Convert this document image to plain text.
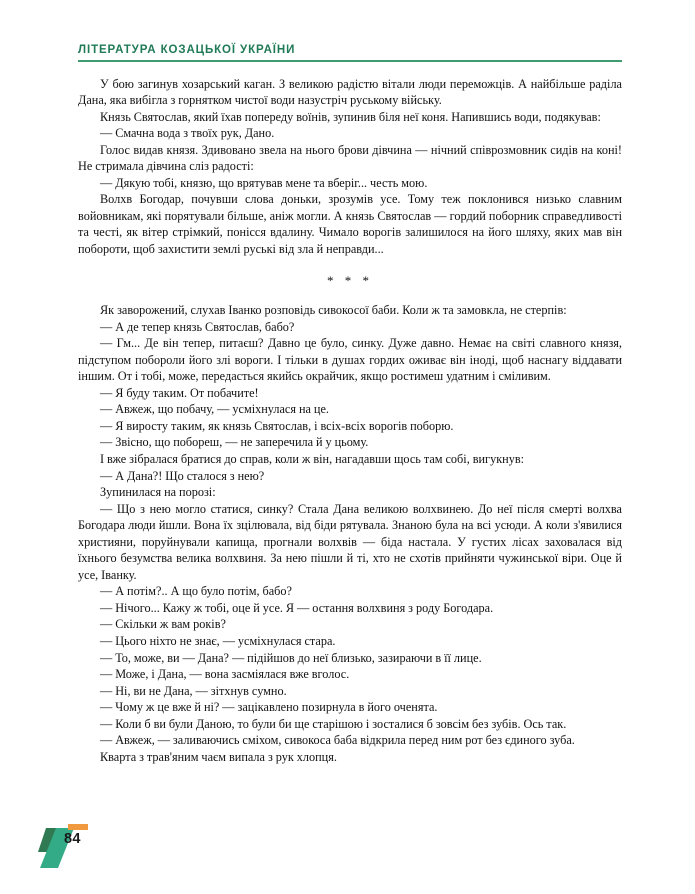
ЛІТЕРАТУРА КОЗАЦЬКОЇ УКРАЇНИ

У бою загинув хозарський каган. З великою радістю вітали люди переможців. А найбільше раділа Дана, яка вибігла з горнятком чистої води назустріч руському війську.

Князь Святослав, який їхав попереду воїнів, зупинив біля неї коня. Напившись води, подякував:

— Смачна вода з твоїх рук, Дано.

Голос видав князя. Здивовано звела на нього брови дівчина — нічний співрозмовник сидів на коні! Не стримала дівчина сліз радості:

— Дякую тобі, князю, що врятував мене та вберіг... честь мою.

Волхв Богодар, почувши слова доньки, зрозумів усе. Тому теж поклонився низько славним войовникам, які порятували більше, аніж могли. А князь Святослав — гордий поборник справедливості та честі, як вітер стрімкий, понісся вдалину. Чимало ворогів залишилося на його шляху, яких мав він побороти, щоб захистити землі руські від зла й неправди...

* * *

Як заворожений, слухав Іванко розповідь сивокосої баби. Коли ж та замовкла, не стерпів:

— А де тепер князь Святослав, бабо?

— Гм... Де він тепер, питаєш? Давно це було, синку. Дуже давно. Немає на світі славного князя, підступом побороли його злі вороги. І тільки в душах гордих оживає він іноді, щоб наснагу віддавати іншим. От і тобі, може, передасться якийсь окрайчик, якщо ростимеш удатним і сміливим.

— Я буду таким. От побачите!

— Авжеж, що побачу, — усміхнулася на це.

— Я виросту таким, як князь Святослав, і всіх-всіх ворогів поборю.

— Звісно, що побореш, — не заперечила й у цьому.

І вже зібралася братися до справ, коли ж він, нагадавши щось там собі, вигукнув:

— А Дана?! Що сталося з нею?

Зупинилася на порозі:

— Що з нею могло статися, синку? Стала Дана великою волхвинею. До неї після смерті волхва Богодара люди йшли. Вона їх зцілювала, від біди рятувала. Знаною була на всі усюди. А коли з'явилися християни, поруйнували капища, прогнали волхвів — біда настала. У густих лісах заховалася від їхнього безумства велика волхвиня. За нею пішли й ті, хто не схотів прийняти чужинської віри. Оце й усе, Іванку.

— А потім?.. А що було потім, бабо?

— Нічого... Кажу ж тобі, оце й усе. Я — остання волхвиня з роду Богодара.

— Скільки ж вам років?

— Цього ніхто не знає, — усміхнулася стара.

— То, може, ви — Дана? — підійшов до неї близько, зазираючи в її лице.

— Може, і Дана, — вона засміялася вже вголос.

— Ні, ви не Дана, — зітхнув сумно.

— Чому ж це вже й ні? — зацікавлено позирнула в його оченята.

— Коли б ви були Даною, то були би ще старішою і зосталися б зовсім без зубів. Ось так.

— Авжеж, — заливаючись сміхом, сивокоса баба відкрила перед ним рот без єдиного зуба.

Кварта з трав'яним чаєм випала з рук хлопця.

84
